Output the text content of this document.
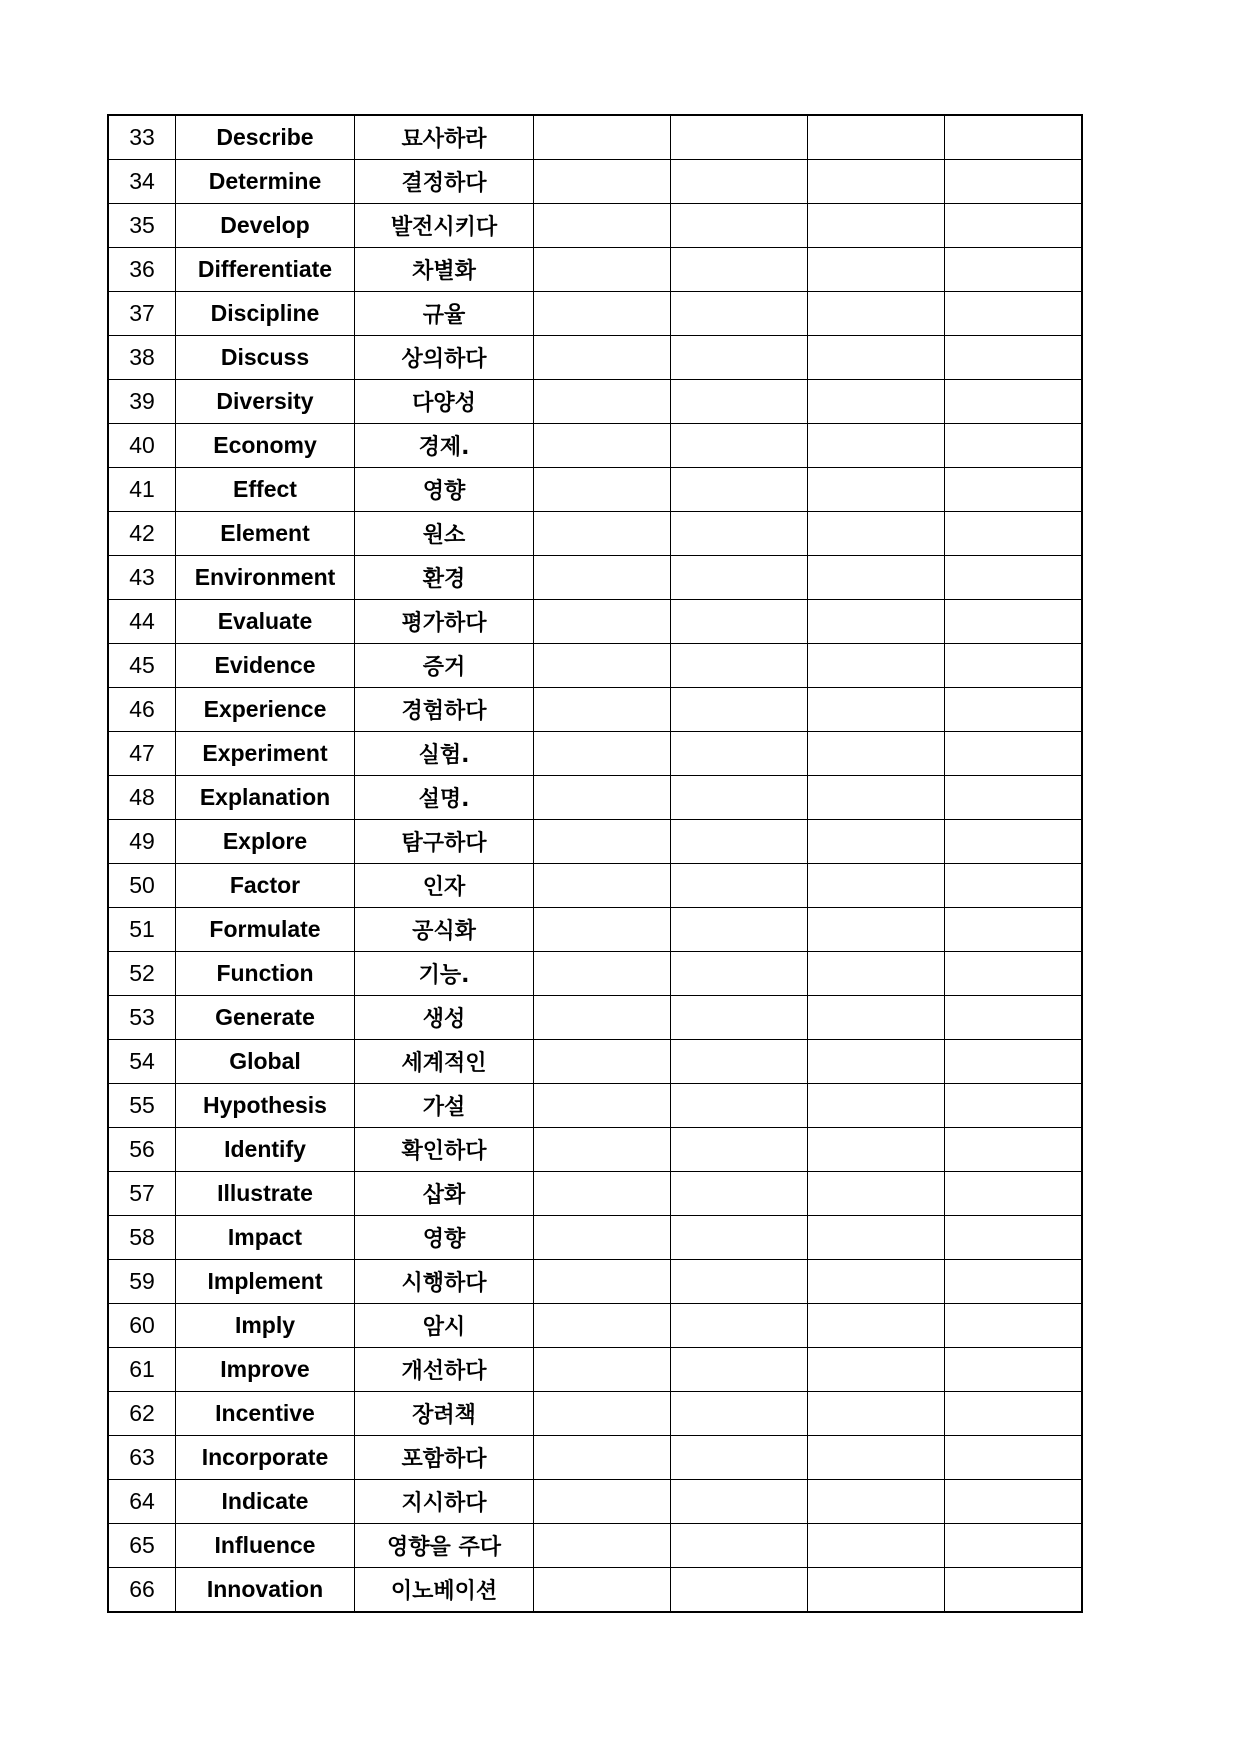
33	Describe	묘사하라				
34	Determine	결정하다				
35	Develop	발전시키다				
36	Differentiate	차별화				
37	Discipline	규율				
38	Discuss	상의하다				
39	Diversity	다양성				
40	Economy	경제.				
41	Effect	영향				
42	Element	원소				
43	Environment	환경				
44	Evaluate	평가하다				
45	Evidence	증거				
46	Experience	경험하다				
47	Experiment	실험.				
48	Explanation	설명.				
49	Explore	탐구하다				
50	Factor	인자				
51	Formulate	공식화				
52	Function	기능.				
53	Generate	생성				
54	Global	세계적인				
55	Hypothesis	가설				
56	Identify	확인하다				
57	Illustrate	삽화				
58	Impact	영향				
59	Implement	시행하다				
60	Imply	암시				
61	Improve	개선하다				
62	Incentive	장려책				
63	Incorporate	포함하다				
64	Indicate	지시하다				
65	Influence	영향을 주다				
66	Innovation	이노베이션				
